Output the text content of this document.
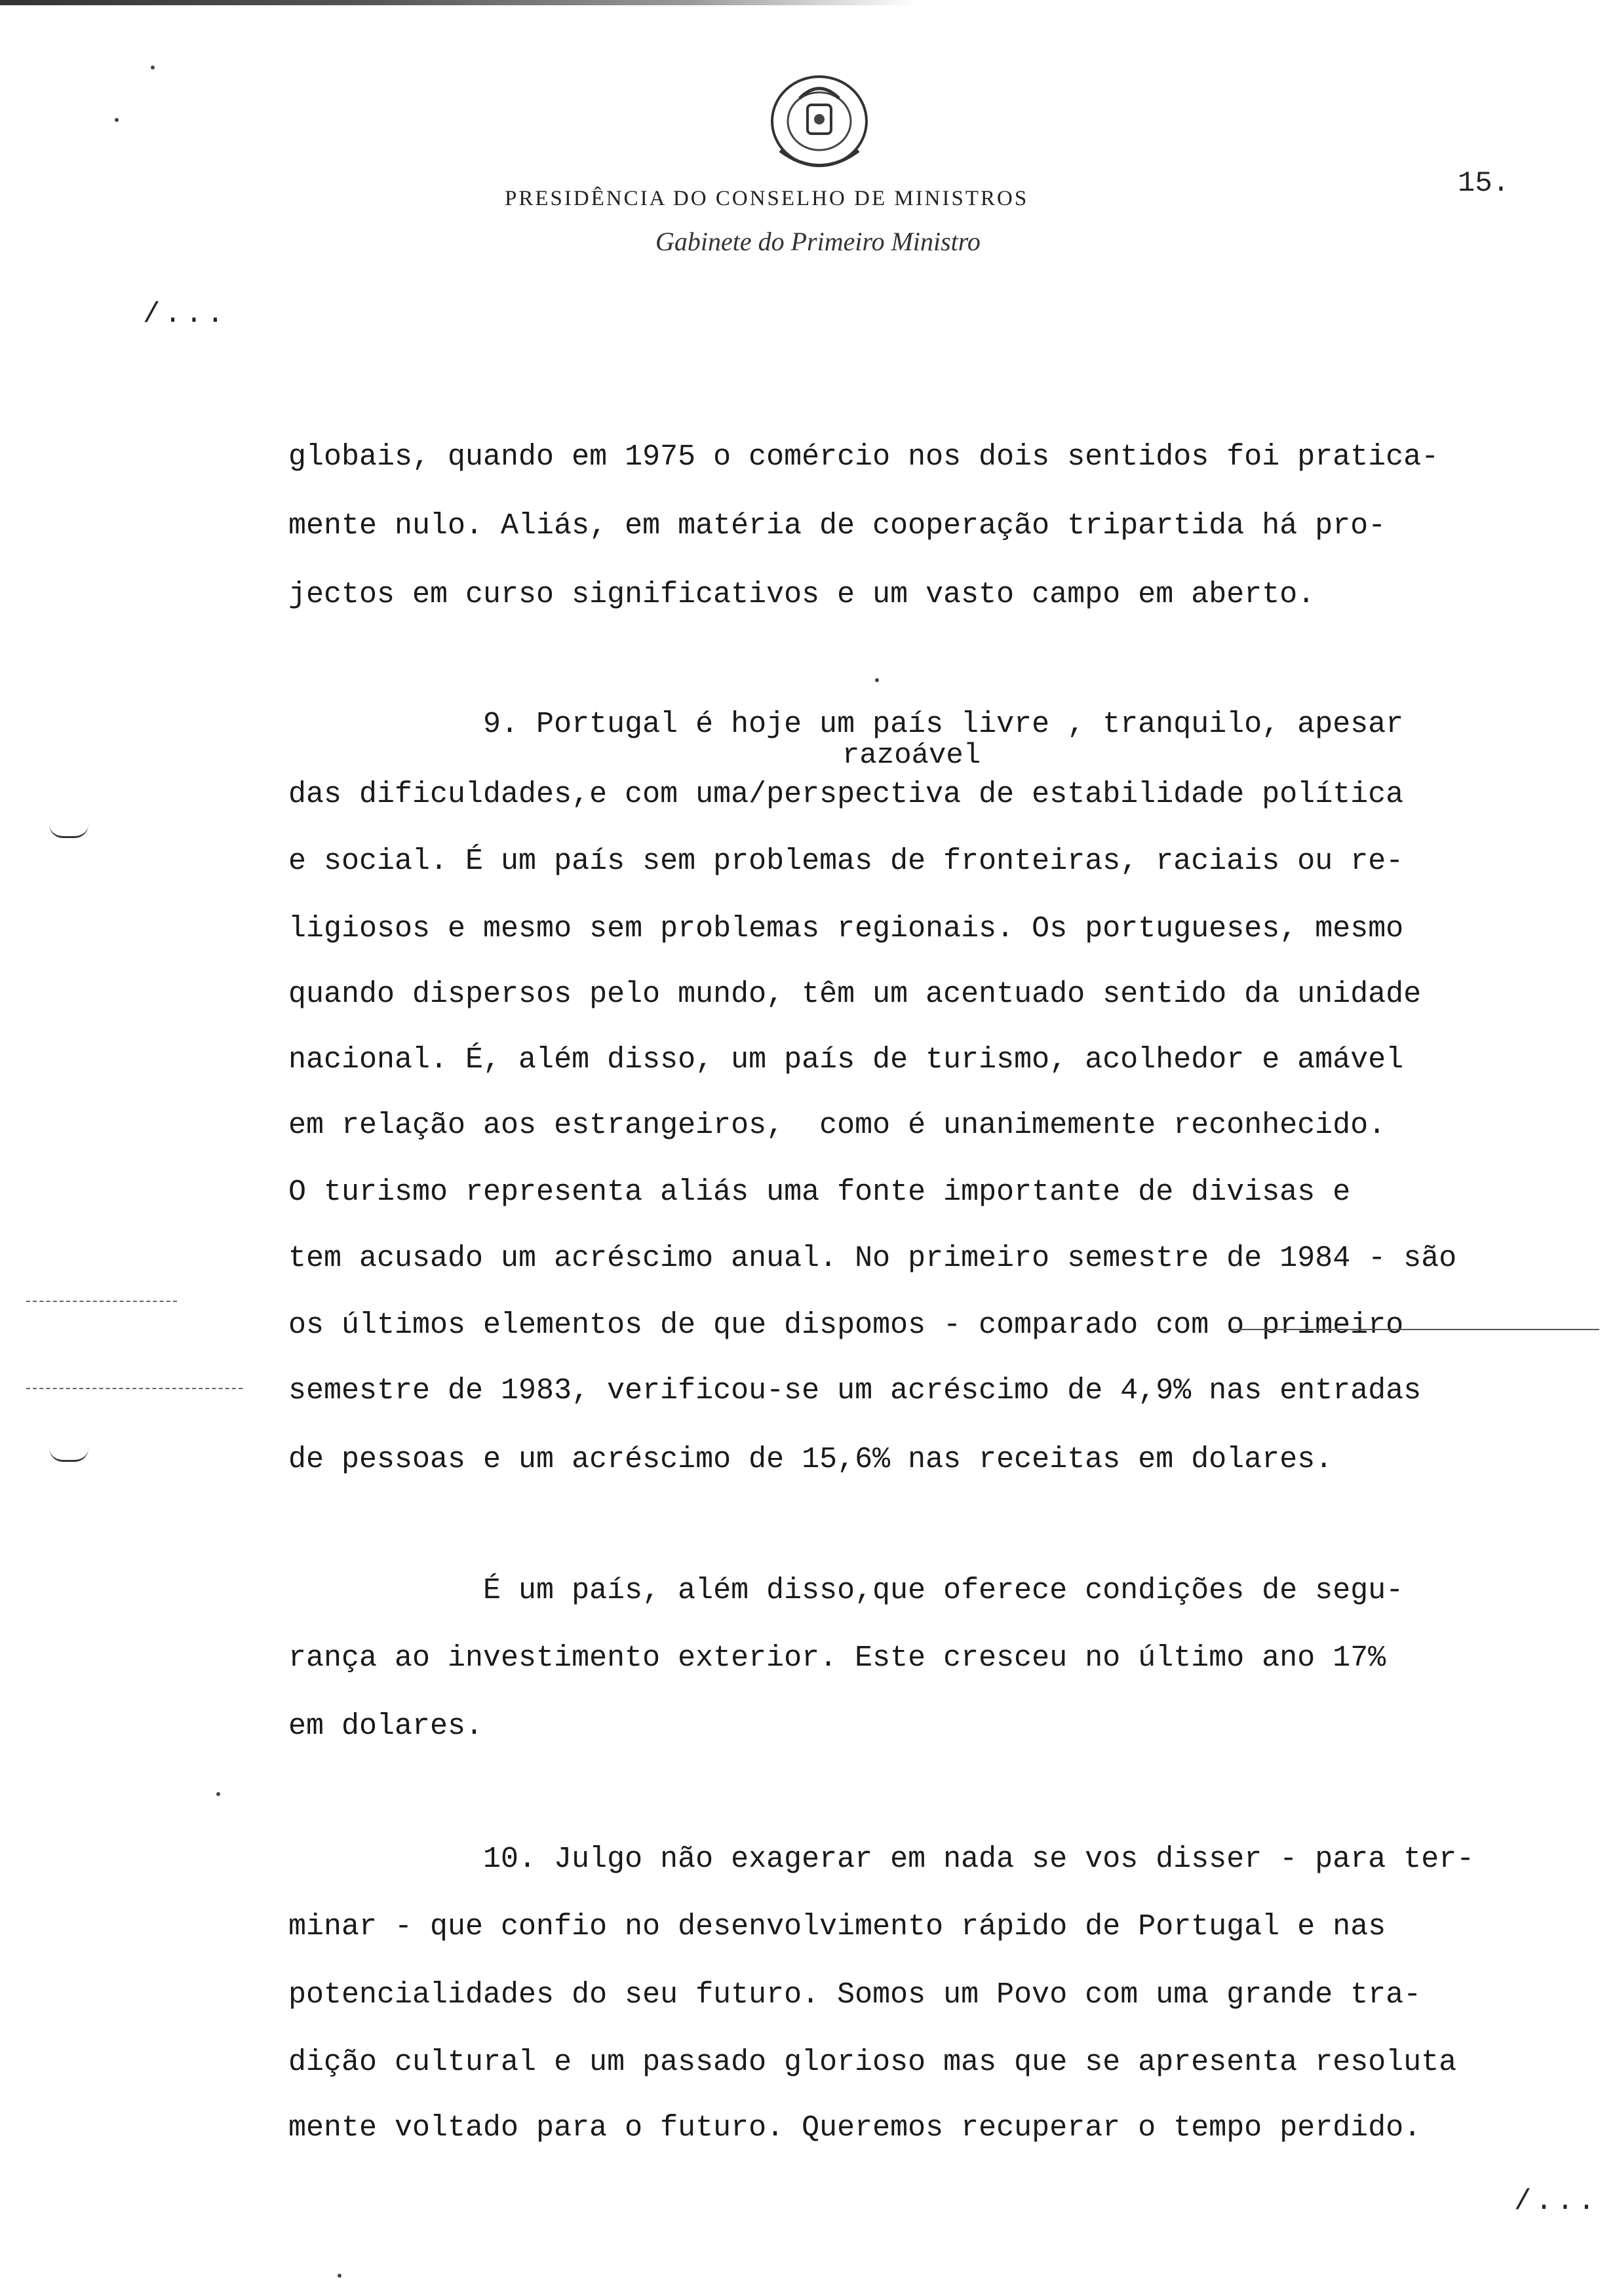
PRESIDÊNCIA DO CONSELHO DE MINISTROS
Gabinete do Primeiro Ministro
15.
/...
razoável

globais, quando em 1975 o comércio nos dois sentidos foi pratica-

mente nulo. Aliás, em matéria de cooperação tripartida há pro-

jectos em curso significativos e um vasto campo em aberto.

9. Portugal é hoje um país livre , tranquilo, apesar

das dificuldades,e com uma/perspectiva de estabilidade política

e social. É um país sem problemas de fronteiras, raciais ou re-

ligiosos e mesmo sem problemas regionais. Os portugueses, mesmo

quando dispersos pelo mundo, têm um acentuado sentido da unidade

nacional. É, além disso, um país de turismo, acolhedor e amável

em relação aos estrangeiros,  como é unanimemente reconhecido.

O turismo representa aliás uma fonte importante de divisas e

tem acusado um acréscimo anual. No primeiro semestre de 1984 - são

os últimos elementos de que dispomos - comparado com o primeiro

semestre de 1983, verificou-se um acréscimo de 4,9% nas entradas

de pessoas e um acréscimo de 15,6% nas receitas em dolares.

É um país, além disso,que oferece condições de segu-

rança ao investimento exterior. Este cresceu no último ano 17%

em dolares.

10. Julgo não exagerar em nada se vos disser - para ter-

minar - que confio no desenvolvimento rápido de Portugal e nas

potencialidades do seu futuro. Somos um Povo com uma grande tra-

dição cultural e um passado glorioso mas que se apresenta resoluta

mente voltado para o futuro. Queremos recuperar o tempo perdido.

/...
